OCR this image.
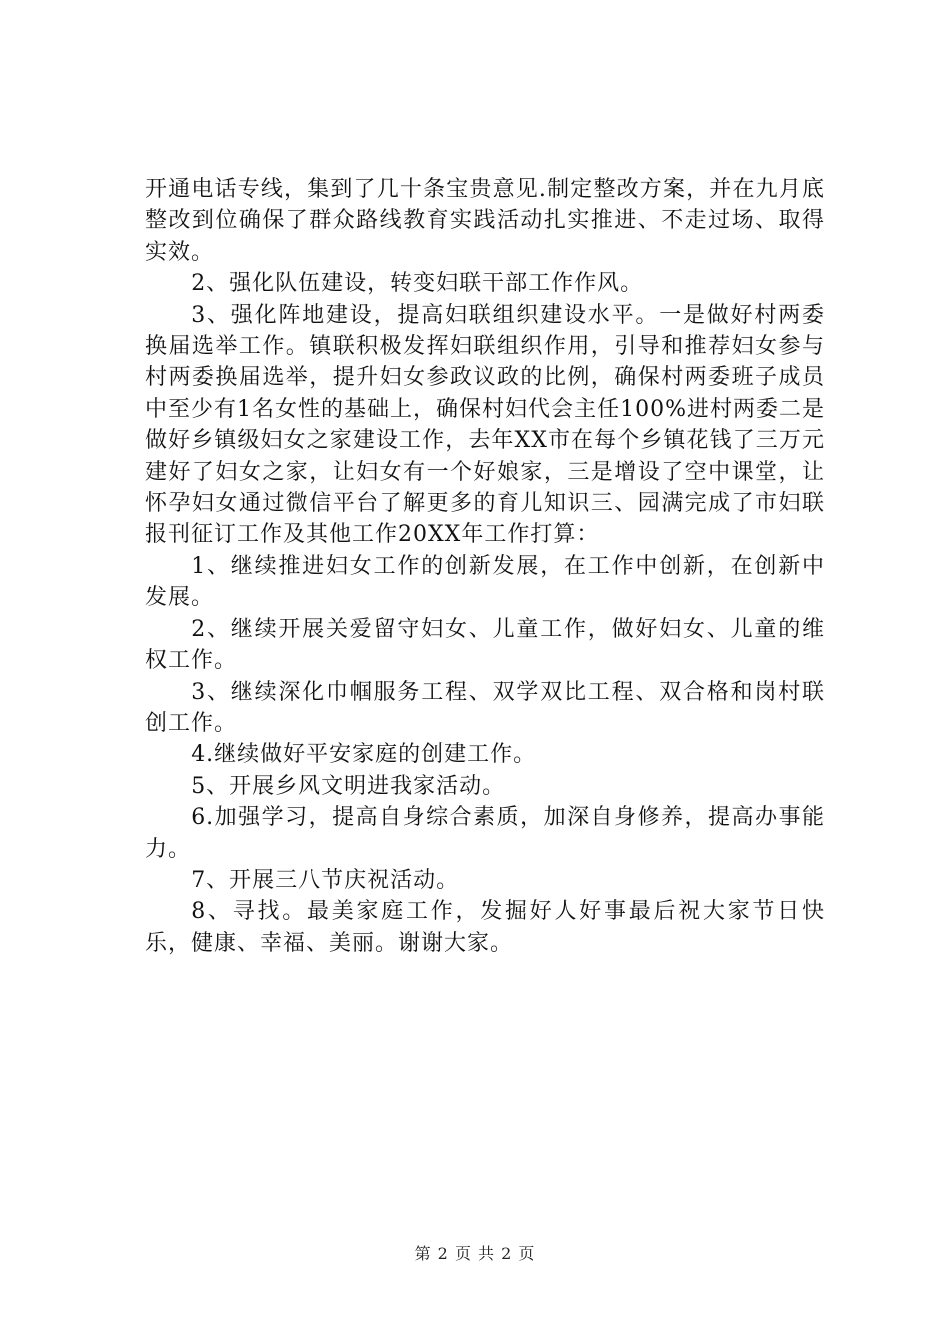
开通电话专线，集到了几十条宝贵意见.制定整改方案，并在九月底整改到位确保了群众路线教育实践活动扎实推进、不走过场、取得实效。

2、强化队伍建设，转变妇联干部工作作风。

3、强化阵地建设，提高妇联组织建设水平。一是做好村两委换届选举工作。镇联积极发挥妇联组织作用，引导和推荐妇女参与村两委换届选举，提升妇女参政议政的比例，确保村两委班子成员中至少有1名女性的基础上，确保村妇代会主任100%进村两委二是做好乡镇级妇女之家建设工作，去年XX市在每个乡镇花钱了三万元建好了妇女之家，让妇女有一个好娘家，三是增设了空中课堂，让怀孕妇女通过微信平台了解更多的育儿知识三、园满完成了市妇联报刊征订工作及其他工作20XX年工作打算：

1、继续推进妇女工作的创新发展，在工作中创新，在创新中发展。

2、继续开展关爱留守妇女、儿童工作，做好妇女、儿童的维权工作。

3、继续深化巾帼服务工程、双学双比工程、双合格和岗村联创工作。

4.继续做好平安家庭的创建工作。

5、开展乡风文明进我家活动。

6.加强学习，提高自身综合素质，加深自身修养，提高办事能力。

7、开展三八节庆祝活动。

8、寻找。最美家庭工作，发掘好人好事最后祝大家节日快乐，健康、幸福、美丽。谢谢大家。

第 2 页 共 2 页
